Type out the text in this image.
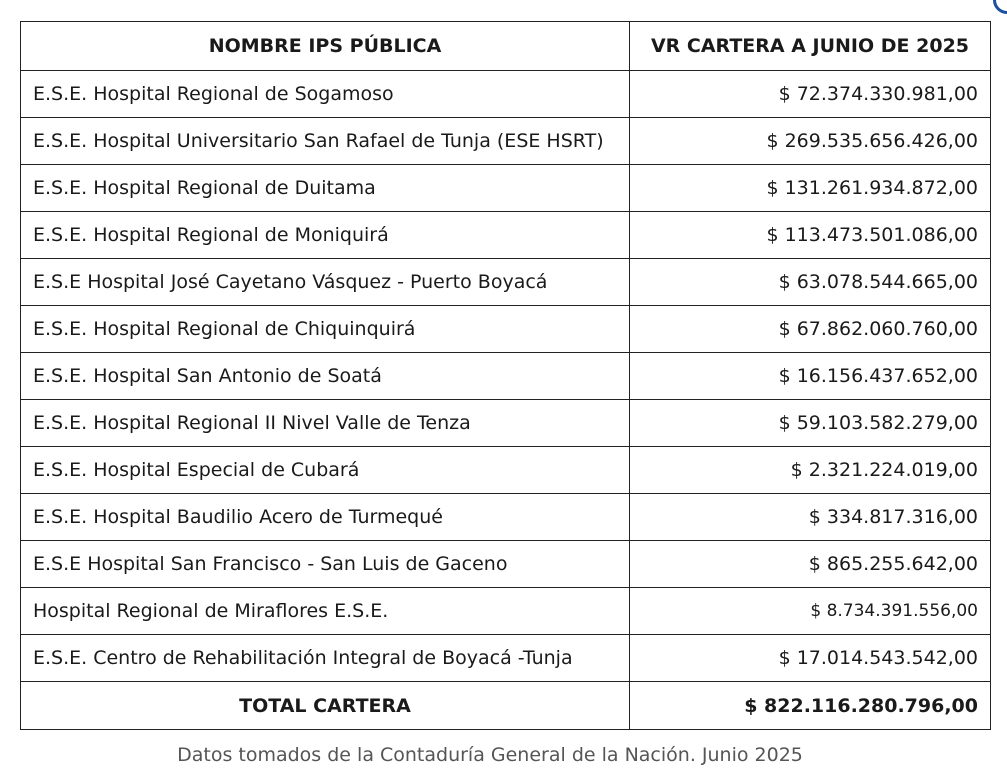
NOMBRE IPS PÚBLICA	VR CARTERA A JUNIO DE 2025
E.S.E. Hospital Regional de Sogamoso	$ 72.374.330.981,00
E.S.E. Hospital Universitario San Rafael de Tunja (ESE HSRT)	$ 269.535.656.426,00
E.S.E. Hospital Regional de Duitama	$ 131.261.934.872,00
E.S.E. Hospital Regional de Moniquirá	$ 113.473.501.086,00
E.S.E Hospital José Cayetano Vásquez - Puerto Boyacá	$ 63.078.544.665,00
E.S.E. Hospital Regional de Chiquinquirá	$ 67.862.060.760,00
E.S.E. Hospital San Antonio de Soatá	$ 16.156.437.652,00
E.S.E. Hospital Regional II Nivel Valle de Tenza	$ 59.103.582.279,00
E.S.E. Hospital Especial de Cubará	$ 2.321.224.019,00
E.S.E. Hospital Baudilio Acero de Turmequé	$ 334.817.316,00
E.S.E Hospital San Francisco - San Luis de Gaceno	$ 865.255.642,00
Hospital Regional de Miraflores E.S.E.	$ 8.734.391.556,00
E.S.E. Centro de Rehabilitación Integral de Boyacá -Tunja	$ 17.014.543.542,00
TOTAL CARTERA	$ 822.116.280.796,00
Datos tomados de la Contaduría General de la Nación. Junio 2025
